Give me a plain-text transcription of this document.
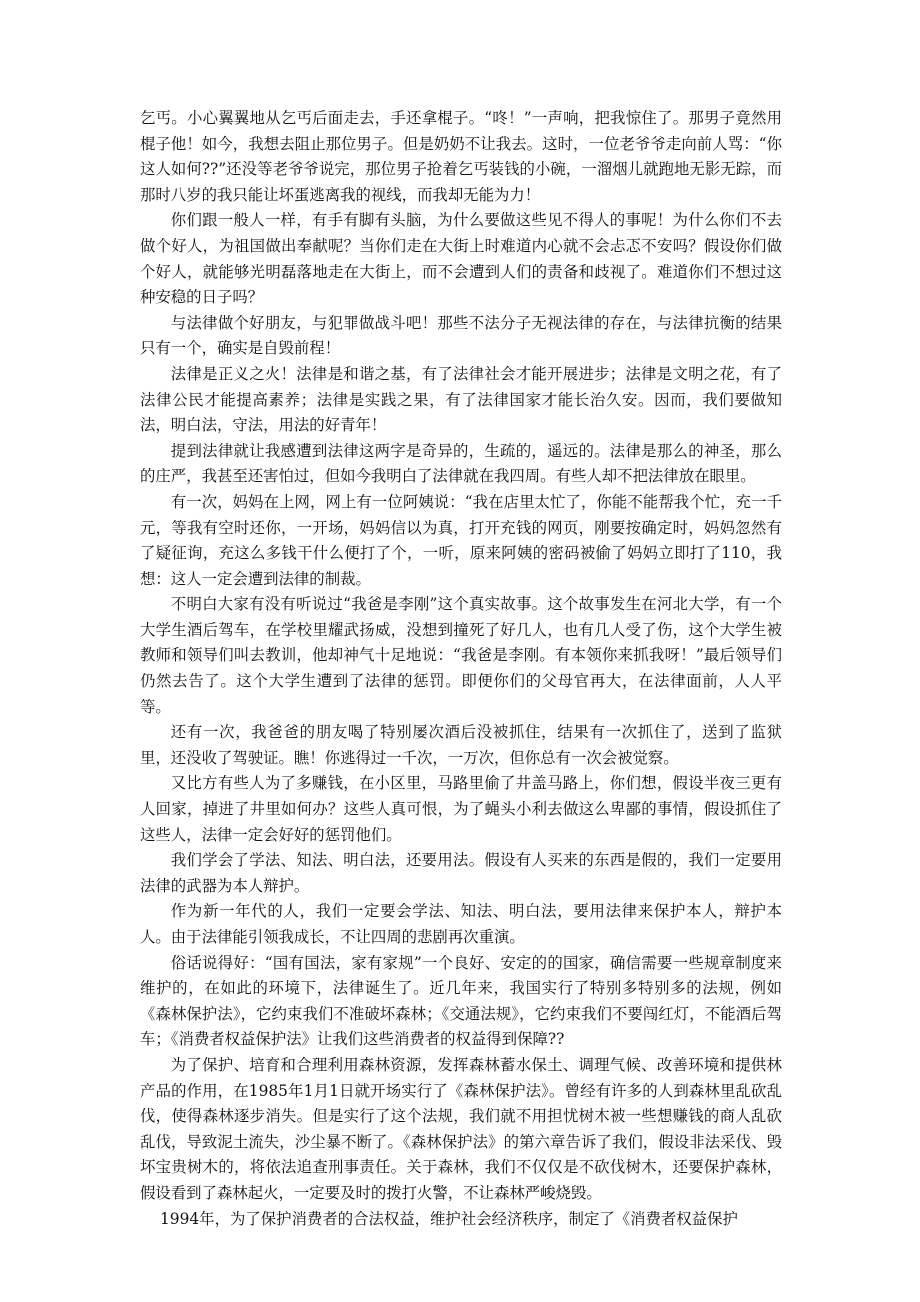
乞丐。小心翼翼地从乞丐后面走去，手还拿棍子。“咚！”一声响，把我惊住了。那男子竟然用棍子他！如今，我想去阻止那位男子。但是奶奶不让我去。这时，一位老爷爷走向前人骂：“你这人如何??”还没等老爷爷说完，那位男子抢着乞丐装钱的小碗，一溜烟儿就跑地无影无踪，而那时八岁的我只能让坏蛋逃离我的视线，而我却无能为力！

你们跟一般人一样，有手有脚有头脑，为什么要做这些见不得人的事呢！为什么你们不去做个好人，为祖国做出奉献呢？当你们走在大街上时难道内心就不会忐忑不安吗？假设你们做个好人，就能够光明磊落地走在大街上，而不会遭到人们的责备和歧视了。难道你们不想过这种安稳的日子吗？

与法律做个好朋友，与犯罪做战斗吧！那些不法分子无视法律的存在，与法律抗衡的结果只有一个，确实是自毁前程！

法律是正义之火！法律是和谐之基，有了法律社会才能开展进步；法律是文明之花，有了法律公民才能提高素养；法律是实践之果，有了法律国家才能长治久安。因而，我们要做知法，明白法，守法，用法的好青年！

提到法律就让我感遭到法律这两字是奇异的，生疏的，遥远的。法律是那么的神圣，那么的庄严，我甚至还害怕过，但如今我明白了法律就在我四周。有些人却不把法律放在眼里。

有一次，妈妈在上网，网上有一位阿姨说：“我在店里太忙了，你能不能帮我个忙，充一千元，等我有空时还你，一开场，妈妈信以为真，打开充钱的网页，刚要按确定时，妈妈忽然有了疑征询，充这么多钱干什么便打了个，一听，原来阿姨的密码被偷了妈妈立即打了110，我想：这人一定会遭到法律的制裁。

不明白大家有没有听说过“我爸是李刚”这个真实故事。这个故事发生在河北大学，有一个大学生酒后驾车，在学校里耀武扬威，没想到撞死了好几人，也有几人受了伤，这个大学生被教师和领导们叫去教训，他却神气十足地说：“我爸是李刚。有本领你来抓我呀！”最后领导们仍然去告了。这个大学生遭到了法律的惩罚。即便你们的父母官再大，在法律面前，人人平等。

还有一次，我爸爸的朋友喝了特别屡次酒后没被抓住，结果有一次抓住了，送到了监狱里，还没收了驾驶证。瞧！你逃得过一千次，一万次，但你总有一次会被觉察。

又比方有些人为了多赚钱，在小区里，马路里偷了井盖马路上，你们想，假设半夜三更有人回家，掉进了井里如何办？这些人真可恨，为了蝇头小利去做这么卑鄙的事情，假设抓住了这些人，法律一定会好好的惩罚他们。

我们学会了学法、知法、明白法，还要用法。假设有人买来的东西是假的，我们一定要用法律的武器为本人辩护。

作为新一年代的人，我们一定要会学法、知法、明白法，要用法律来保护本人，辩护本人。由于法律能引领我成长，不让四周的悲剧再次重演。

俗话说得好：“国有国法，家有家规”一个良好、安定的的国家，确信需要一些规章制度来维护的，在如此的环境下，法律诞生了。近几年来，我国实行了特别多特别多的法规，例如《森林保护法》，它约束我们不准破坏森林；《交通法规》，它约束我们不要闯红灯，不能酒后驾车；《消费者权益保护法》让我们这些消费者的权益得到保障??

为了保护、培育和合理利用森林资源，发挥森林蓄水保土、调理气候、改善环境和提供林产品的作用，在1985年1月1日就开场实行了《森林保护法》。曾经有许多的人到森林里乱砍乱伐，使得森林逐步消失。但是实行了这个法规，我们就不用担忧树木被一些想赚钱的商人乱砍乱伐，导致泥土流失，沙尘暴不断了。《森林保护法》的第六章告诉了我们，假设非法采伐、毁坏宝贵树木的，将依法追查刑事责任。关于森林，我们不仅仅是不砍伐树木，还要保护森林，假设看到了森林起火，一定要及时的拨打火警，不让森林严峻烧毁。

1994年，为了保护消费者的合法权益，维护社会经济秩序，制定了《消费者权益保护
